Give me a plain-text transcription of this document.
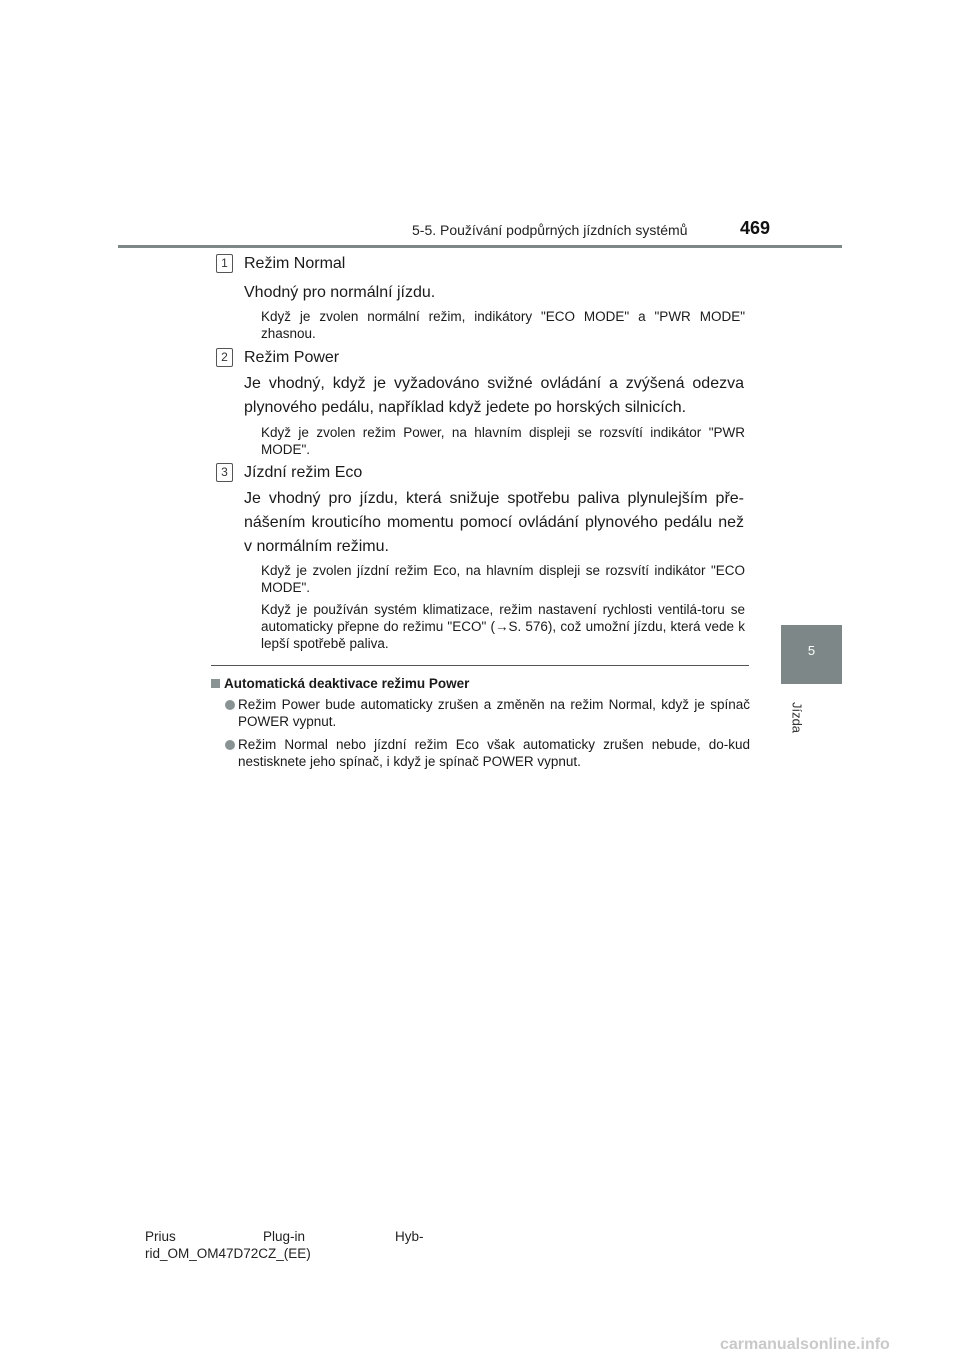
5-5. Používání podpůrných jízdních systémů	469
5
Jízda
1	Režim Normal
Vhodný pro normální jízdu.
Když je zvolen normální režim, indikátory "ECO MODE" a "PWR MODE" zhasnou.
2	Režim Power
Je vhodný, když je vyžadováno svižné ovládání a zvýšená odezva plynového pedálu, například když jedete po horských silnicích.
Když je zvolen režim Power, na hlavním displeji se rozsvítí indikátor "PWR MODE".
3	Jízdní režim Eco
Je vhodný pro jízdu, která snižuje spotřebu paliva plynulejším pře-nášením krouticího momentu pomocí ovládání plynového pedálu než v normálním režimu.
Když je zvolen jízdní režim Eco, na hlavním displeji se rozsvítí indikátor "ECO MODE".
Když je používán systém klimatizace, režim nastavení rychlosti ventilá-toru se automaticky přepne do režimu "ECO" (→S. 576), což umožní jízdu, která vede k lepší spotřebě paliva.
Automatická deaktivace režimu Power
Režim Power bude automaticky zrušen a změněn na režim Normal, když je spínač POWER vypnut.
Režim Normal nebo jízdní režim Eco však automaticky zrušen nebude, do-kud nestisknete jeho spínač, i když je spínač POWER vypnut.
Prius	Plug-in	Hyb-
rid_OM_OM47D72CZ_(EE)
carmanualsonline.info
